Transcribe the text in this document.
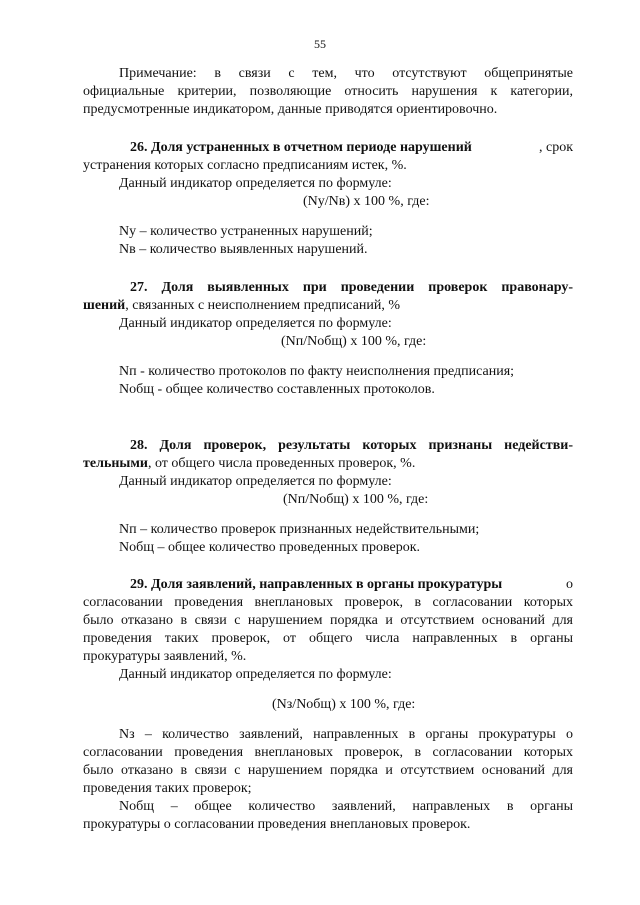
55
Примечание: в связи с тем, что отсутствуют общепринятые
официальные критерии, позволяющие относить нарушения к категории,
предусмотренные индикатором, данные приводятся ориентировочно.
26. Доля устраненных в отчетном периоде нарушений	, срок
устранения которых согласно предписаниям истек, %.
Данный индикатор определяется по формуле:
(Ny/Nв) x 100 %, где:
Ny – количество устраненных нарушений;
Nв – количество выявленных нарушений.
27. Доля выявленных при проведении проверок правонару-
шений, связанных с неисполнением предписаний, %
Данный индикатор определяется по формуле:
(Nп/Nобщ) x 100 %, где:
Nп - количество протоколов по факту неисполнения предписания;
Nобщ - общее количество составленных протоколов.
28. Доля проверок, результаты которых признаны недействи-
тельными, от общего числа проведенных проверок, %.
Данный индикатор определяется по формуле:
(Nп/Nобщ) x 100 %, где:
Nп – количество проверок признанных недействительными;
Nобщ – общее количество проведенных проверок.
29. Доля заявлений, направленных в органы прокуратуры	о
согласовании проведения внеплановых проверок, в согласовании которых
было отказано в связи с нарушением порядка и отсутствием оснований для
проведения таких проверок, от общего числа направленных в органы
прокуратуры заявлений, %.
Данный индикатор определяется по формуле:
(Nз/Nобщ) x 100 %, где:
Nз – количество заявлений, направленных в органы прокуратуры о
согласовании проведения внеплановых проверок, в согласовании которых
было отказано в связи с нарушением порядка и отсутствием оснований для
проведения таких проверок;
Nобщ – общее количество заявлений, направленых в органы
прокуратуры о согласовании проведения внеплановых проверок.
